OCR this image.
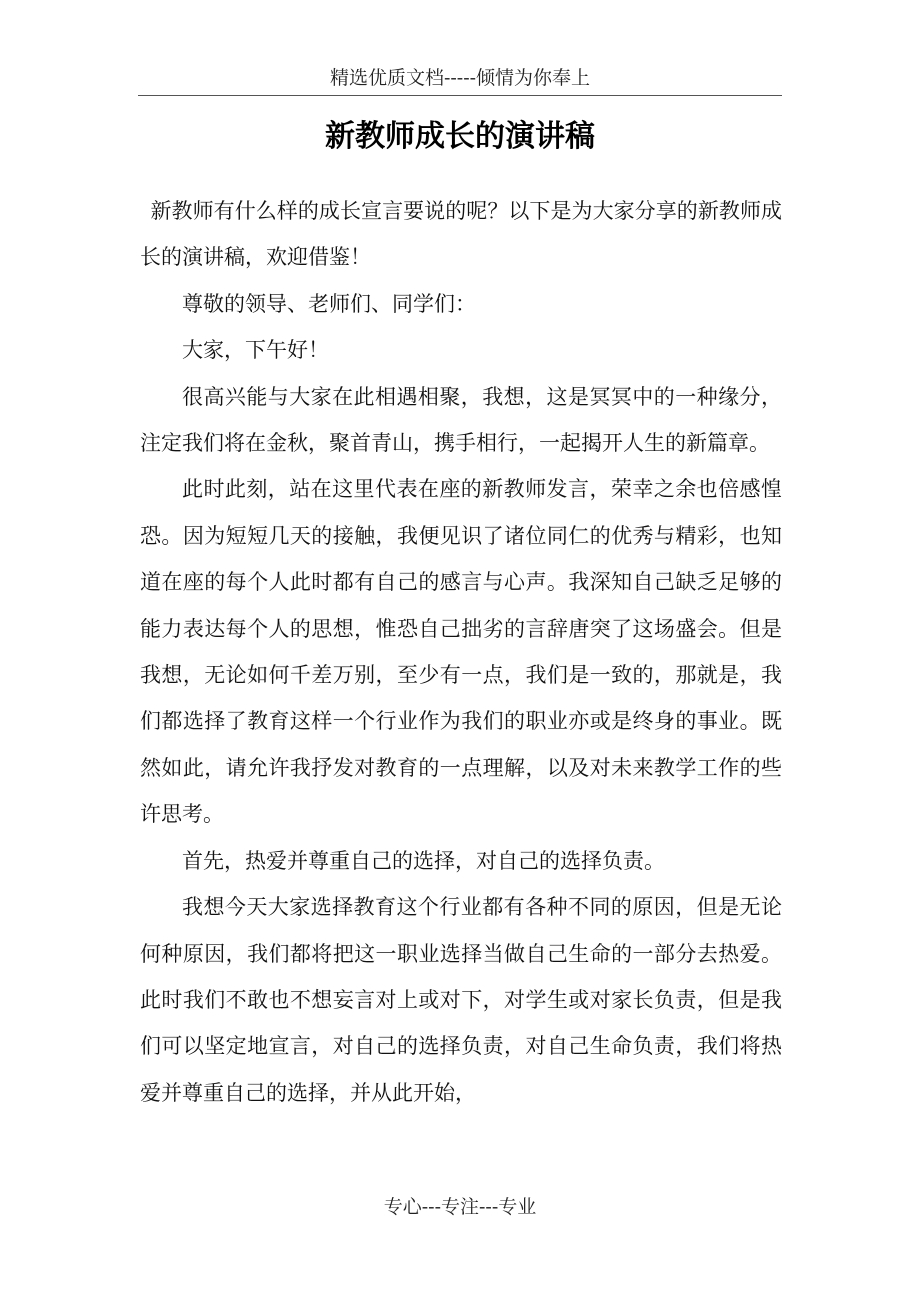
精选优质文档-----倾情为你奉上
新教师成长的演讲稿

新教师有什么样的成长宣言要说的呢？以下是为大家分享的新教师成长的演讲稿，欢迎借鉴！

尊敬的领导、老师们、同学们：

大家，下午好！

很高兴能与大家在此相遇相聚，我想，这是冥冥中的一种缘分，注定我们将在金秋，聚首青山，携手相行，一起揭开人生的新篇章。

此时此刻，站在这里代表在座的新教师发言，荣幸之余也倍感惶恐。因为短短几天的接触，我便见识了诸位同仁的优秀与精彩，也知道在座的每个人此时都有自己的感言与心声。我深知自己缺乏足够的能力表达每个人的思想，惟恐自己拙劣的言辞唐突了这场盛会。但是我想，无论如何千差万别，至少有一点，我们是一致的，那就是，我们都选择了教育这样一个行业作为我们的职业亦或是终身的事业。既然如此，请允许我抒发对教育的一点理解，以及对未来教学工作的些许思考。

首先，热爱并尊重自己的选择，对自己的选择负责。

我想今天大家选择教育这个行业都有各种不同的原因，但是无论何种原因，我们都将把这一职业选择当做自己生命的一部分去热爱。此时我们不敢也不想妄言对上或对下，对学生或对家长负责，但是我们可以坚定地宣言，对自己的选择负责，对自己生命负责，我们将热爱并尊重自己的选择，并从此开始，

专心---专注---专业
